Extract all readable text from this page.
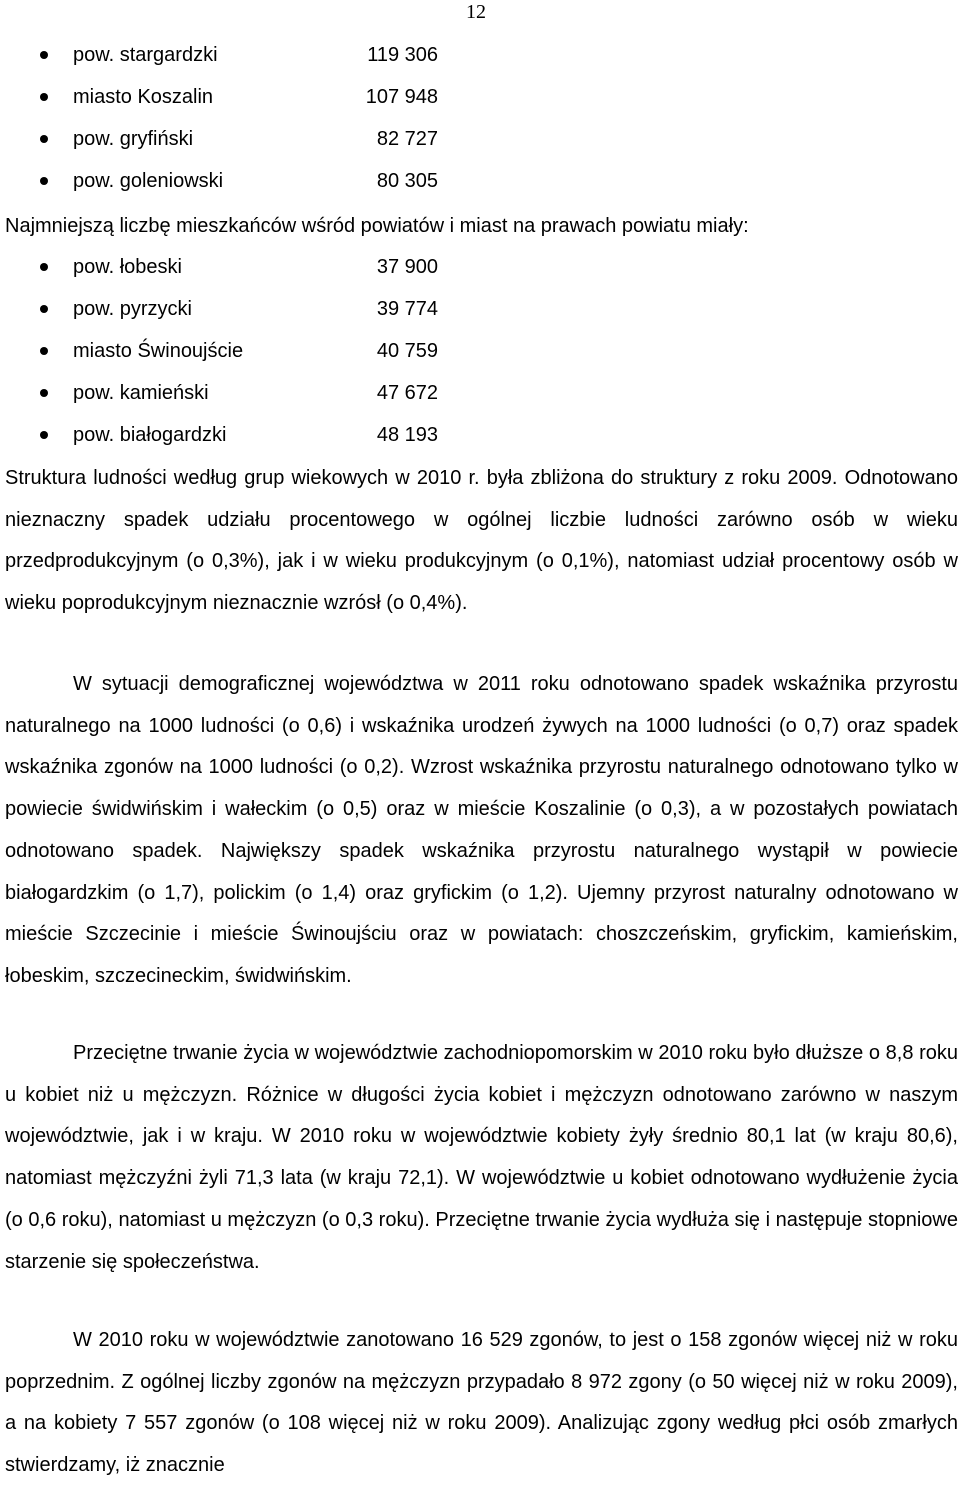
12
pow. stargardzki	119 306
miasto Koszalin	107 948
pow. gryfiński	82 727
pow. goleniowski	80 305
Najmniejszą liczbę mieszkańców wśród powiatów i miast na prawach powiatu miały:
pow. łobeski	37 900
pow. pyrzycki	39 774
miasto Świnoujście	40 759
pow. kamieński	47 672
pow. białogardzki	48 193

Struktura ludności według grup wiekowych w 2010 r. była zbliżona do struktury z roku 2009. Odnotowano nieznaczny spadek udziału procentowego w ogólnej liczbie ludności zarówno osób w wieku przedprodukcyjnym (o 0,3%), jak i w wieku produkcyjnym (o 0,1%), natomiast udział procentowy osób w wieku poprodukcyjnym nieznacznie wzrósł (o 0,4%).

W sytuacji demograficznej województwa w 2011 roku odnotowano spadek wskaźnika przyrostu naturalnego na 1000 ludności (o 0,6) i wskaźnika urodzeń żywych na 1000 ludności (o 0,7) oraz spadek wskaźnika zgonów na 1000 ludności (o 0,2). Wzrost wskaźnika przyrostu naturalnego odnotowano tylko w powiecie świdwińskim i wałeckim (o 0,5) oraz w mieście Koszalinie (o 0,3), a w pozostałych powiatach odnotowano spadek. Największy spadek wskaźnika przyrostu naturalnego wystąpił w powiecie białogardzkim (o 1,7), polickim (o 1,4) oraz gryfickim (o 1,2). Ujemny przyrost naturalny odnotowano w mieście Szczecinie i mieście Świnoujściu oraz w powiatach: choszczeńskim, gryfickim, kamieńskim, łobeskim, szczecineckim, świdwińskim.

Przeciętne trwanie życia w województwie zachodniopomorskim w 2010 roku było dłuższe o 8,8 roku u kobiet niż u mężczyzn. Różnice w długości życia kobiet i mężczyzn odnotowano zarówno w naszym województwie, jak i w kraju. W 2010 roku w województwie kobiety żyły średnio 80,1 lat (w kraju 80,6), natomiast mężczyźni żyli 71,3 lata (w kraju 72,1). W województwie u kobiet odnotowano wydłużenie życia (o 0,6 roku), natomiast u mężczyzn (o 0,3 roku). Przeciętne trwanie życia wydłuża się i następuje stopniowe starzenie się społeczeństwa.

W 2010 roku w województwie zanotowano 16 529 zgonów, to jest o 158 zgonów więcej niż w roku poprzednim. Z ogólnej liczby zgonów na mężczyzn przypadało 8 972 zgony (o 50 więcej niż w roku 2009), a na kobiety 7 557 zgonów (o 108 więcej niż w roku 2009). Analizując zgony według płci osób zmarłych stwierdzamy, iż znacznie
